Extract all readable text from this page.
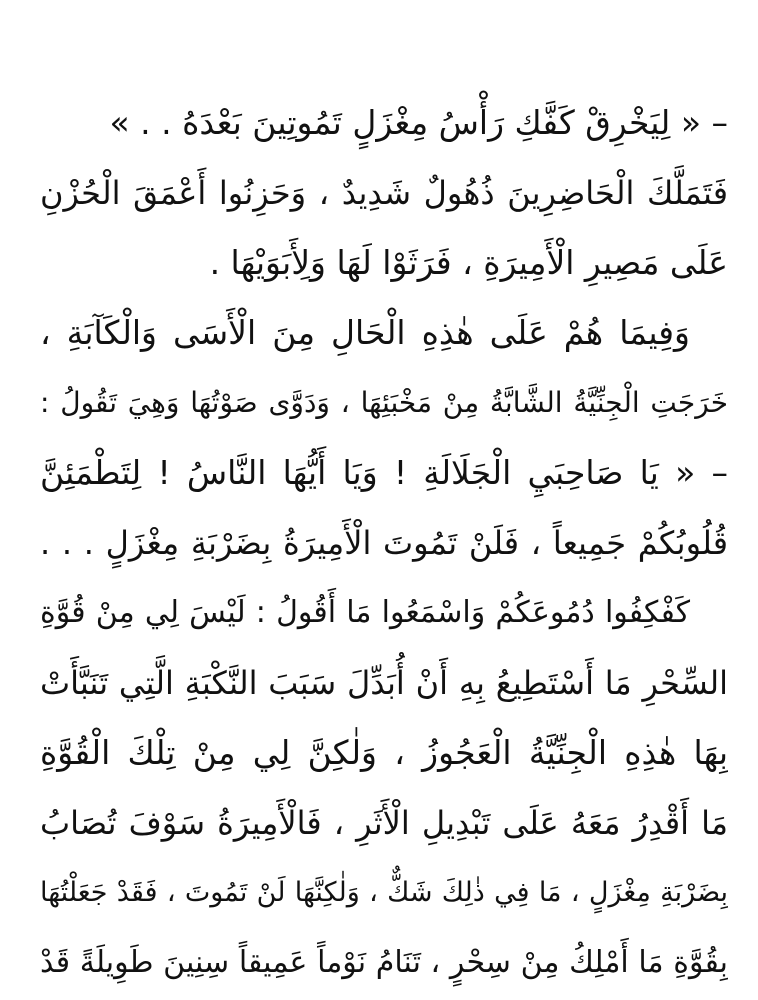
– « لِيَخْرِقْ كَفَّكِ رَأْسُ مِغْزَلٍ تَمُوتِينَ بَعْدَهُ . . »
فَتَمَلَّكَ الْحَاضِرِينَ ذُهُولٌ شَدِيدٌ ، وَحَزِنُوا أَعْمَقَ الْحُزْنِ
عَلَى مَصِيرِ الْأَمِيرَةِ ، فَرَثَوْا لَهَا وَلِأَبَوَيْهَا .
وَفِيمَا هُمْ عَلَى هٰذِهِ الْحَالِ مِنَ الْأَسَى وَالْكَآبَةِ ،
خَرَجَتِ الْجِنِّيَّةُ الشَّابَّةُ مِنْ مَخْبَئِهَا ، وَدَوَّى صَوْتُهَا وَهِيَ تَقُولُ :
– « يَا صَاحِبَيِ الْجَلَالَةِ ! وَيَا أَيُّهَا النَّاسُ ! لِتَطْمَئِنَّ
قُلُوبُكُمْ جَمِيعاً ، فَلَنْ تَمُوتَ الْأَمِيرَةُ بِضَرْبَةِ مِغْزَلٍ . . .
كَفْكِفُوا دُمُوعَكُمْ وَاسْمَعُوا مَا أَقُولُ : لَيْسَ لِي مِنْ قُوَّةِ
السِّحْرِ مَا أَسْتَطِيعُ بِهِ أَنْ أُبَدِّلَ سَبَبَ النَّكْبَةِ الَّتِي تَنَبَّأَتْ
بِهَا هٰذِهِ الْجِنِّيَّةُ الْعَجُوزُ ، وَلٰكِنَّ لِي مِنْ تِلْكَ الْقُوَّةِ
مَا أَقْدِرُ مَعَهُ عَلَى تَبْدِيلِ الْأَثَرِ ، فَالْأَمِيرَةُ سَوْفَ تُصَابُ
بِضَرْبَةِ مِغْزَلٍ ، مَا فِي ذٰلِكَ شَكٌّ ، وَلٰكِنَّهَا لَنْ تَمُوتَ ، فَقَدْ جَعَلْتُهَا
بِقُوَّةِ مَا أَمْلِكُ مِنْ سِحْرٍ ، تَنَامُ نَوْماً عَمِيقاً سِنِينَ طَوِيلَةً قَدْ
